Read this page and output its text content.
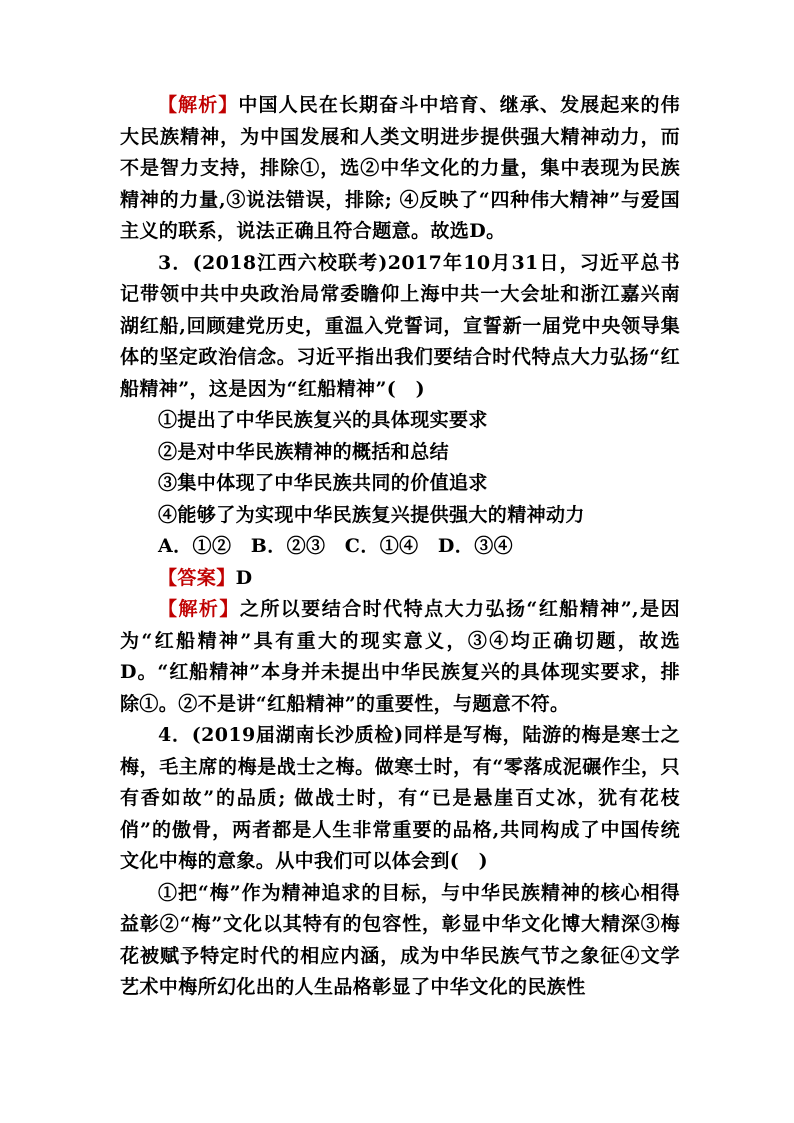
【解析】中国人民在长期奋斗中培育、继承、发展起来的伟大民族精神，为中国发展和人类文明进步提供强大精神动力，而不是智力支持，排除①，选②中华文化的力量，集中表现为民族精神的力量,③说法错误，排除; ④反映了“四种伟大精神”与爱国主义的联系，说法正确且符合题意。故选D。

3．(2018江西六校联考)2017年10月31日，习近平总书记带领中共中央政治局常委瞻仰上海中共一大会址和浙江嘉兴南湖红船,回顾建党历史，重温入党誓词，宣誓新一届党中央领导集体的坚定政治信念。习近平指出我们要结合时代特点大力弘扬“红船精神”，这是因为“红船精神”(　)

①提出了中华民族复兴的具体现实要求

②是对中华民族精神的概括和总结

③集中体现了中华民族共同的价值追求

④能够了为实现中华民族复兴提供强大的精神动力

A．①②　B．②③　C．①④　D．③④

【答案】D

【解析】之所以要结合时代特点大力弘扬“红船精神”,是因为“红船精神”具有重大的现实意义，③④均正确切题，故选D。“红船精神”本身并未提出中华民族复兴的具体现实要求，排除①。②不是讲“红船精神”的重要性，与题意不符。

4．(2019届湖南长沙质检)同样是写梅，陆游的梅是寒士之梅，毛主席的梅是战士之梅。做寒士时，有“零落成泥碾作尘，只有香如故”的品质; 做战士时，有“已是悬崖百丈冰，犹有花枝俏”的傲骨，两者都是人生非常重要的品格,共同构成了中国传统文化中梅的意象。从中我们可以体会到(　)

①把“梅”作为精神追求的目标，与中华民族精神的核心相得益彰②“梅”文化以其特有的包容性，彰显中华文化博大精深③梅花被赋予特定时代的相应内涵，成为中华民族气节之象征④文学艺术中梅所幻化出的人生品格彰显了中华文化的民族性
